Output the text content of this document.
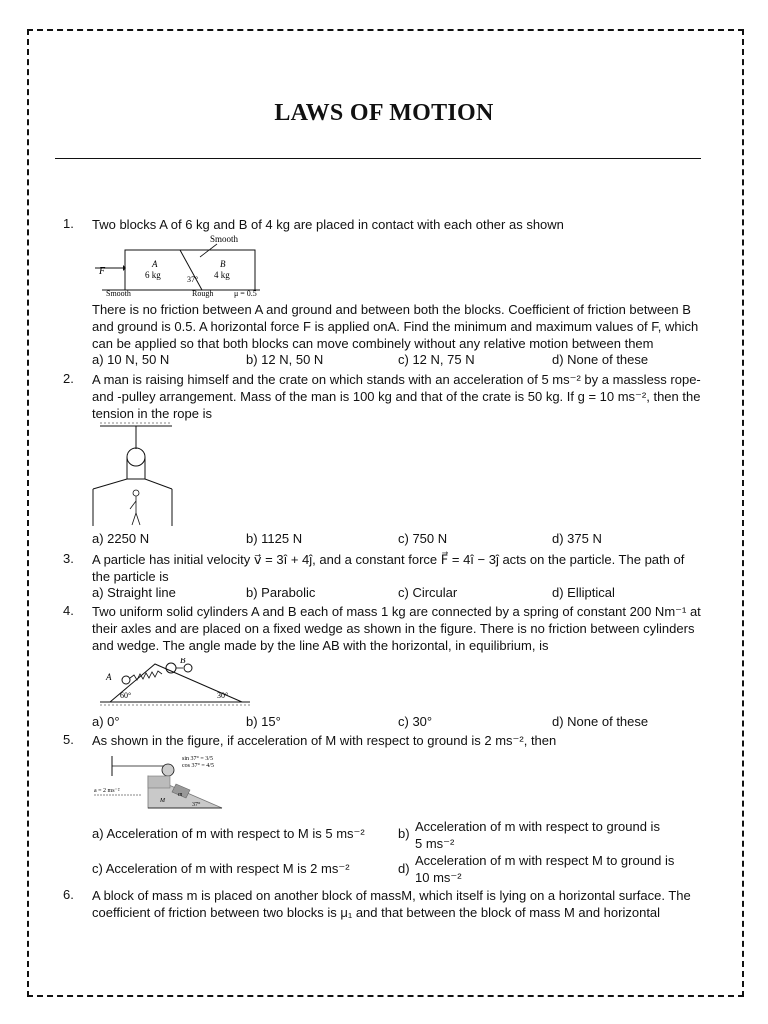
LAWS OF MOTION
1. Two blocks A of 6 kg and B of 4 kg are placed in contact with each other as shown
Smooth
F
A
6 kg	37°
B
4 kg
Smooth	Rough	μ = 0.5
There is no friction between A and ground and between both the blocks. Coefficient of friction between B and ground is 0.5. A horizontal force F is applied onA. Find the minimum and maximum values of F, which can be applied so that both blocks can move combinely without any relative motion between them
a) 10 N, 50 N	b) 12 N, 50 N	c) 12 N, 75 N	d) None of these
2. A man is raising himself and the crate on which stands with an acceleration of 5 ms⁻² by a massless rope-and -pulley arrangement. Mass of the man is 100 kg and that of the crate is 50 kg. If g = 10 ms⁻², then the tension in the rope is
a) 2250 N	b) 1125 N	c) 750 N	d) 375 N
3. A particle has initial velocity v⃗ = 3î + 4ĵ, and a constant force F⃗ = 4î − 3ĵ acts on the particle. The path of the particle is
a) Straight line	b) Parabolic	c) Circular	d) Elliptical
4. Two uniform solid cylinders A and B each of mass 1 kg are connected by a spring of constant 200 Nm⁻¹ at their axles and are placed on a fixed wedge as shown in the figure. There is no friction between cylinders and wedge. The angle made by the line AB with the horizontal, in equilibrium, is
A
B
60°	30°
a) 0°	b) 15°	c) 30°	d) None of these
5. As shown in the figure, if acceleration of M with respect to ground is 2 ms⁻², then
sin 37° = 3/5
cos 37° = 4/5
a = 2 ms⁻²
m
M
37°
a) Acceleration of m with respect to M is 5 ms⁻²	b) Acceleration of m with respect to ground is
5 ms⁻²
c) Acceleration of m with respect M is 2 ms⁻²	d)
Acceleration of m with respect M to ground is
10 ms⁻²
6. A block of mass m is placed on another block of massM, which itself is lying on a horizontal surface. The coefficient of friction between two blocks is μ₁ and that between the block of mass M and horizontal
